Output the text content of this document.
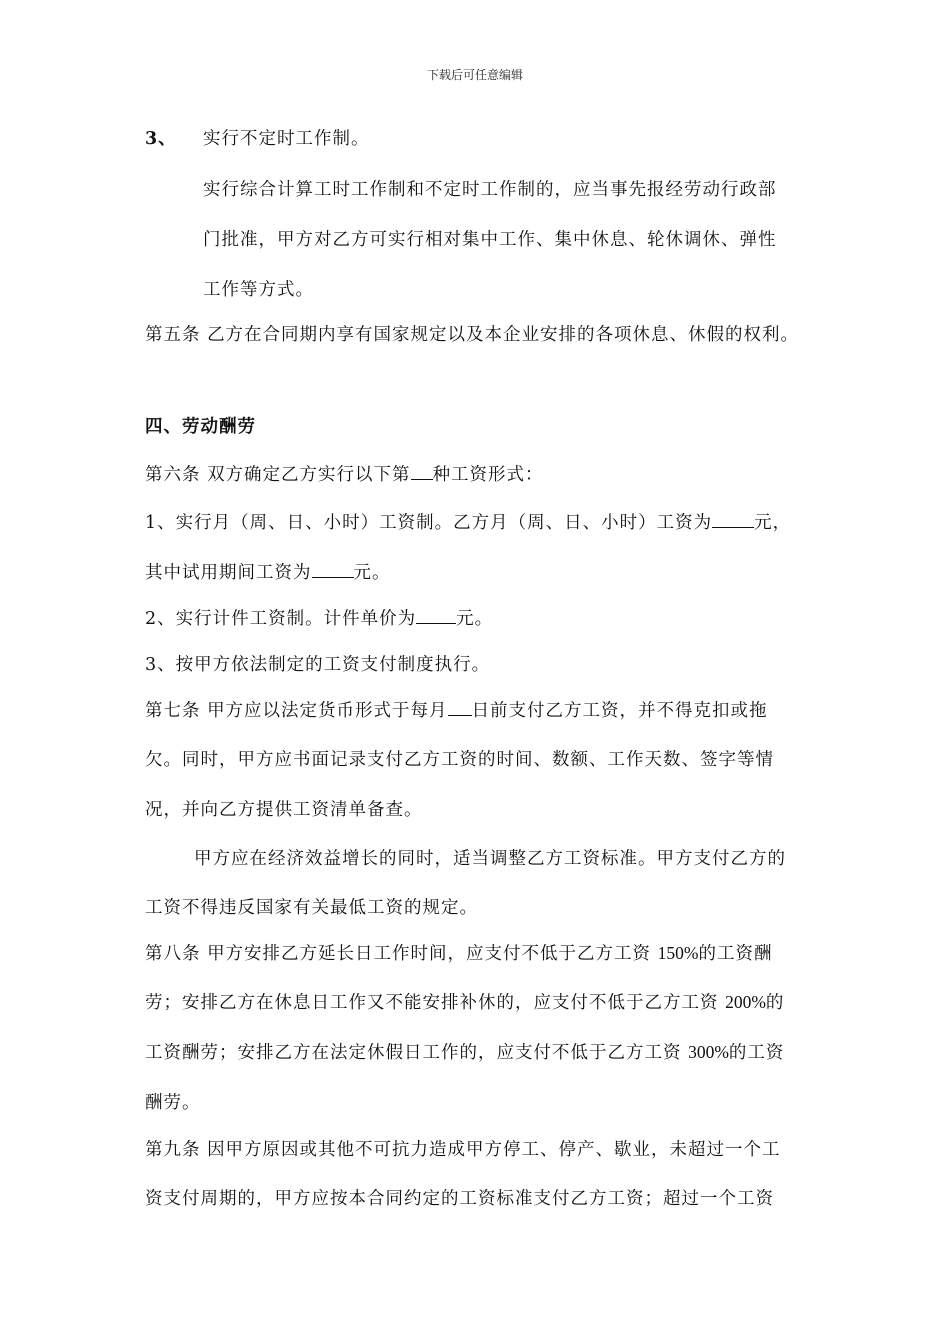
下载后可任意编辑
3、 实行不定时工作制。
实行综合计算工时工作制和不定时工作制的，应当事先报经劳动行政部
门批准，甲方对乙方可实行相对集中工作、集中休息、轮休调休、弹性
工作等方式。
第五条 乙方在合同期内享有国家规定以及本企业安排的各项休息、休假的权利。
四、劳动酬劳
第六条 双方确定乙方实行以下第 种工资形式：
1、实行月（周、日、小时）工资制。乙方月（周、日、小时）工资为 元，
其中试用期间工资为 元。
2、实行计件工资制。计件单价为 元。
3、按甲方依法制定的工资支付制度执行。
第七条 甲方应以法定货币形式于每月 日前支付乙方工资，并不得克扣或拖
欠。同时，甲方应书面记录支付乙方工资的时间、数额、工作天数、签字等情
况，并向乙方提供工资清单备查。
甲方应在经济效益增长的同时，适当调整乙方工资标准。甲方支付乙方的
工资不得违反国家有关最低工资的规定。
第八条 甲方安排乙方延长日工作时间，应支付不低于乙方工资 150%的工资酬
劳；安排乙方在休息日工作又不能安排补休的，应支付不低于乙方工资 200%的
工资酬劳；安排乙方在法定休假日工作的，应支付不低于乙方工资 300%的工资
酬劳。
第九条 因甲方原因或其他不可抗力造成甲方停工、停产、歇业，未超过一个工
资支付周期的，甲方应按本合同约定的工资标准支付乙方工资；超过一个工资
